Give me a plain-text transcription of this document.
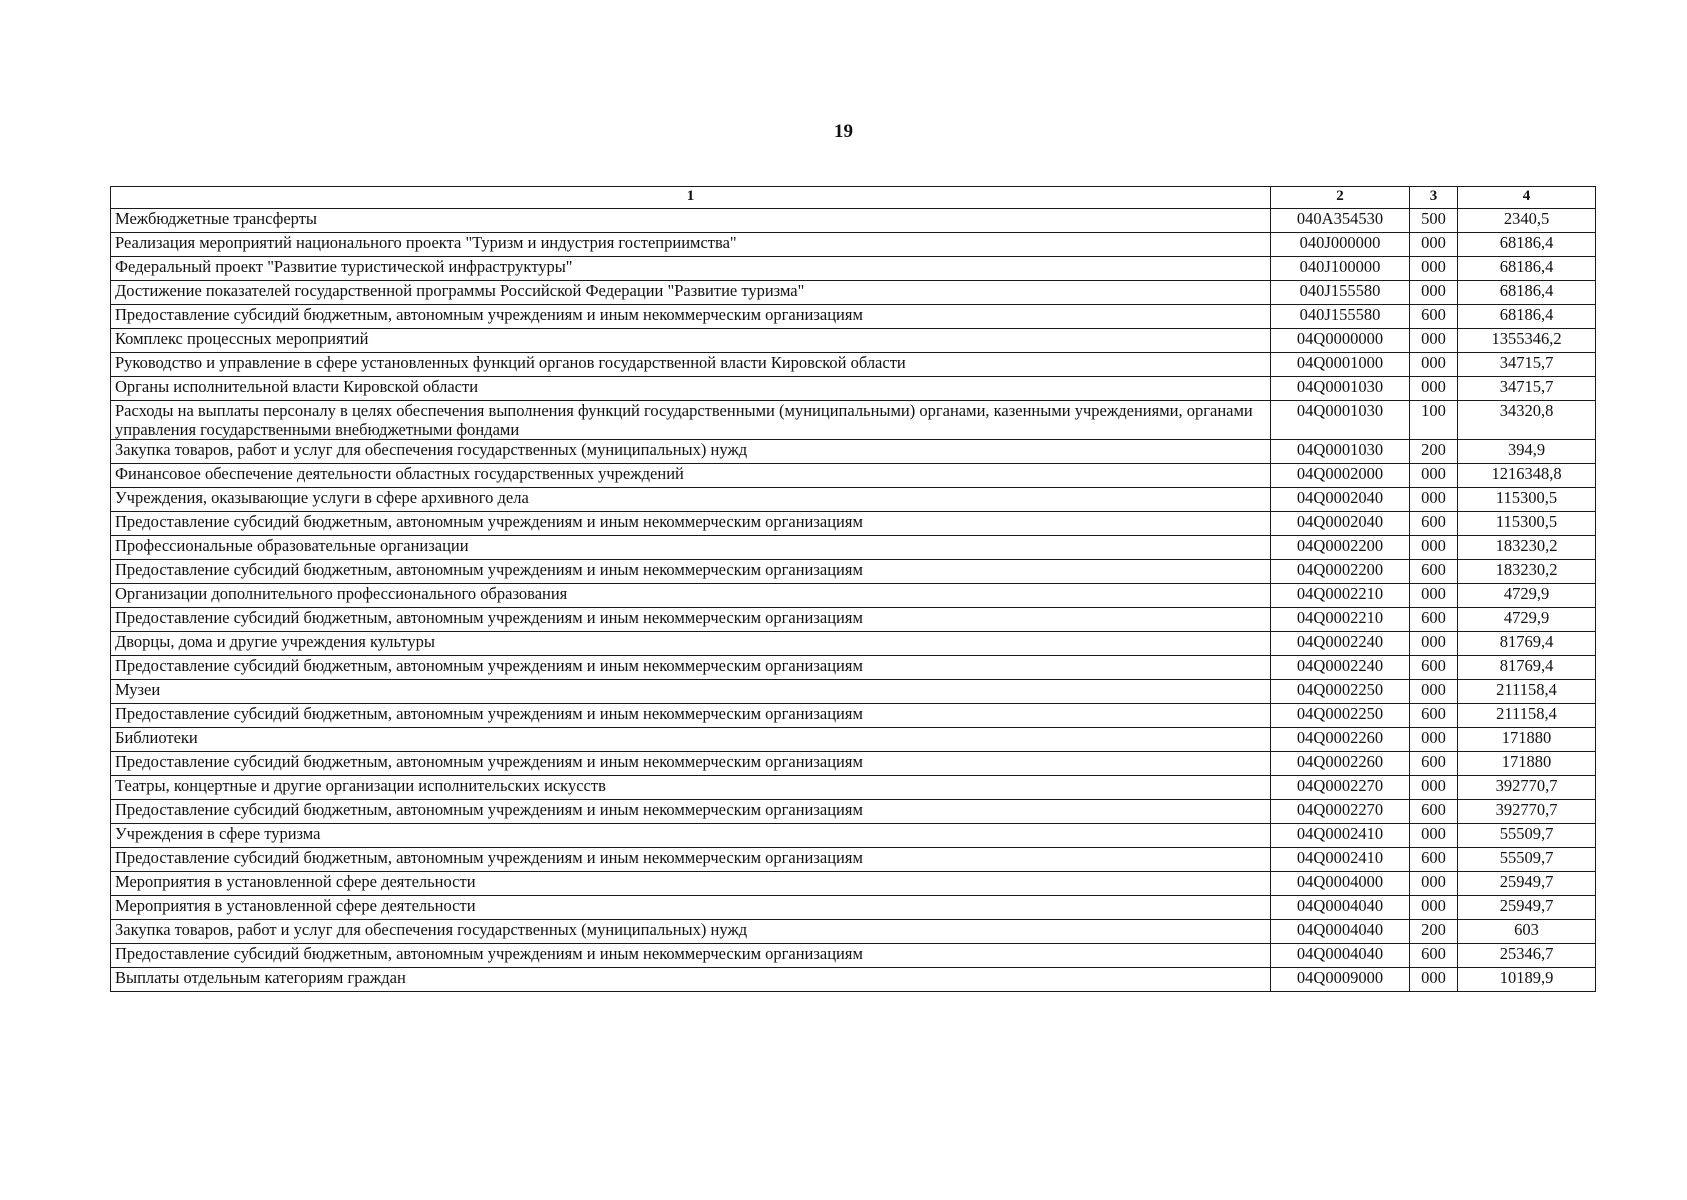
19
1	2	3	4
Межбюджетные трансферты	040А354530	500	2340,5
Реализация мероприятий национального проекта "Туризм и индустрия гостеприимства"	040J000000	000	68186,4
Федеральный проект "Развитие туристической инфраструктуры"	040J100000	000	68186,4
Достижение показателей государственной программы Российской Федерации "Развитие туризма"	040J155580	000	68186,4
Предоставление субсидий бюджетным, автономным учреждениям и иным некоммерческим организациям	040J155580	600	68186,4
Комплекс процессных мероприятий	04Q0000000	000	1355346,2
Руководство и управление в сфере установленных функций органов государственной власти Кировской области	04Q0001000	000	34715,7
Органы исполнительной власти Кировской области	04Q0001030	000	34715,7
Расходы на выплаты персоналу в целях обеспечения выполнения функций государственными (муниципальными) органами, казенными учреждениями, органами управления государственными внебюджетными фондами	04Q0001030	100	34320,8
Закупка товаров, работ и услуг для обеспечения государственных (муниципальных) нужд	04Q0001030	200	394,9
Финансовое обеспечение деятельности областных государственных учреждений	04Q0002000	000	1216348,8
Учреждения, оказывающие услуги в сфере архивного дела	04Q0002040	000	115300,5
Предоставление субсидий бюджетным, автономным учреждениям и иным некоммерческим организациям	04Q0002040	600	115300,5
Профессиональные образовательные организации	04Q0002200	000	183230,2
Предоставление субсидий бюджетным, автономным учреждениям и иным некоммерческим организациям	04Q0002200	600	183230,2
Организации дополнительного профессионального образования	04Q0002210	000	4729,9
Предоставление субсидий бюджетным, автономным учреждениям и иным некоммерческим организациям	04Q0002210	600	4729,9
Дворцы, дома и другие учреждения культуры	04Q0002240	000	81769,4
Предоставление субсидий бюджетным, автономным учреждениям и иным некоммерческим организациям	04Q0002240	600	81769,4
Музеи	04Q0002250	000	211158,4
Предоставление субсидий бюджетным, автономным учреждениям и иным некоммерческим организациям	04Q0002250	600	211158,4
Библиотеки	04Q0002260	000	171880
Предоставление субсидий бюджетным, автономным учреждениям и иным некоммерческим организациям	04Q0002260	600	171880
Театры, концертные и другие организации исполнительских искусств	04Q0002270	000	392770,7
Предоставление субсидий бюджетным, автономным учреждениям и иным некоммерческим организациям	04Q0002270	600	392770,7
Учреждения в сфере туризма	04Q0002410	000	55509,7
Предоставление субсидий бюджетным, автономным учреждениям и иным некоммерческим организациям	04Q0002410	600	55509,7
Мероприятия в установленной сфере деятельности	04Q0004000	000	25949,7
Мероприятия в установленной сфере деятельности	04Q0004040	000	25949,7
Закупка товаров, работ и услуг для обеспечения государственных (муниципальных) нужд	04Q0004040	200	603
Предоставление субсидий бюджетным, автономным учреждениям и иным некоммерческим организациям	04Q0004040	600	25346,7
Выплаты отдельным категориям граждан	04Q0009000	000	10189,9
